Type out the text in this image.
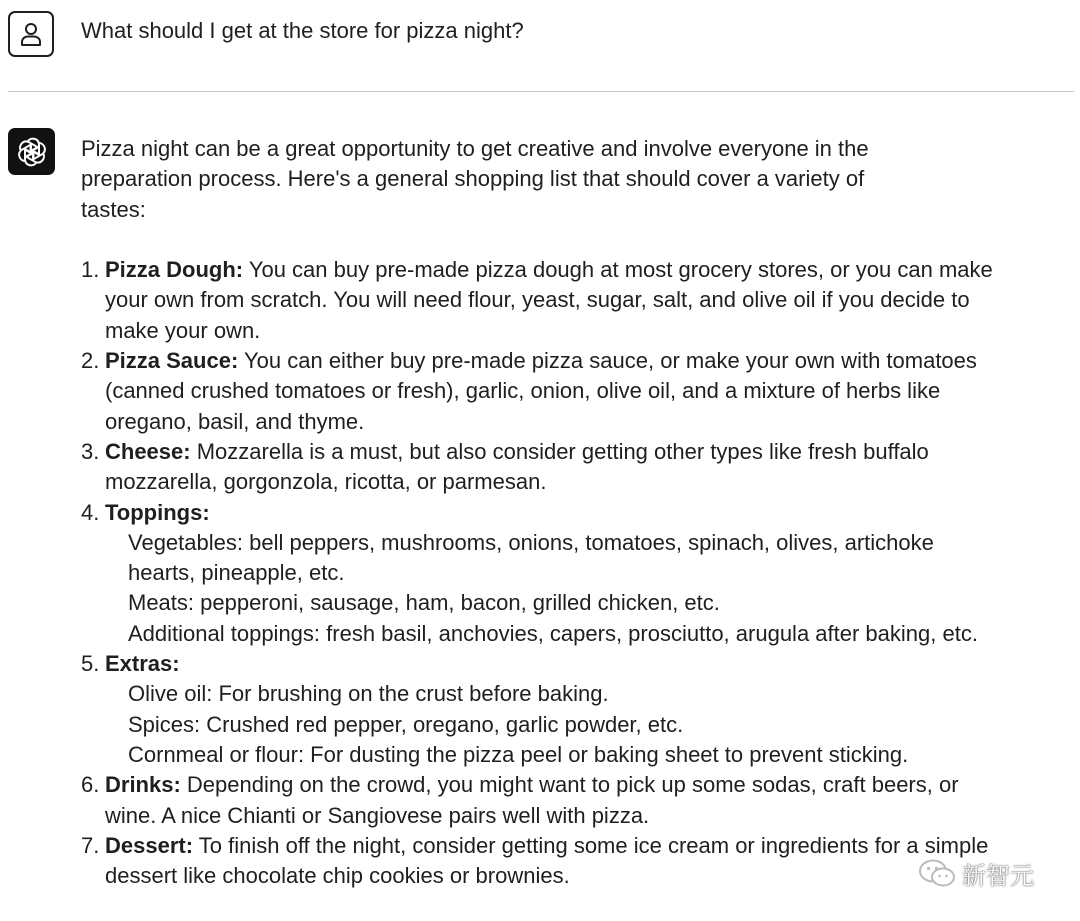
What should I get at the store for pizza night?

Pizza night can be a great opportunity to get creative and involve everyone in the preparation process. Here's a general shopping list that should cover a variety of tastes:

1. Pizza Dough: You can buy pre-made pizza dough at most grocery stores, or you can make your own from scratch. You will need flour, yeast, sugar, salt, and olive oil if you decide to make your own.
2. Pizza Sauce: You can either buy pre-made pizza sauce, or make your own with tomatoes (canned crushed tomatoes or fresh), garlic, onion, olive oil, and a mixture of herbs like oregano, basil, and thyme.
3. Cheese: Mozzarella is a must, but also consider getting other types like fresh buffalo mozzarella, gorgonzola, ricotta, or parmesan.
4. Toppings:
Vegetables: bell peppers, mushrooms, onions, tomatoes, spinach, olives, artichoke hearts, pineapple, etc.
Meats: pepperoni, sausage, ham, bacon, grilled chicken, etc.
Additional toppings: fresh basil, anchovies, capers, prosciutto, arugula after baking, etc.
5. Extras:
Olive oil: For brushing on the crust before baking.
Spices: Crushed red pepper, oregano, garlic powder, etc.
Cornmeal or flour: For dusting the pizza peel or baking sheet to prevent sticking.
6. Drinks: Depending on the crowd, you might want to pick up some sodas, craft beers, or wine. A nice Chianti or Sangiovese pairs well with pizza.
7. Dessert: To finish off the night, consider getting some ice cream or ingredients for a simple dessert like chocolate chip cookies or brownies.	新智元
